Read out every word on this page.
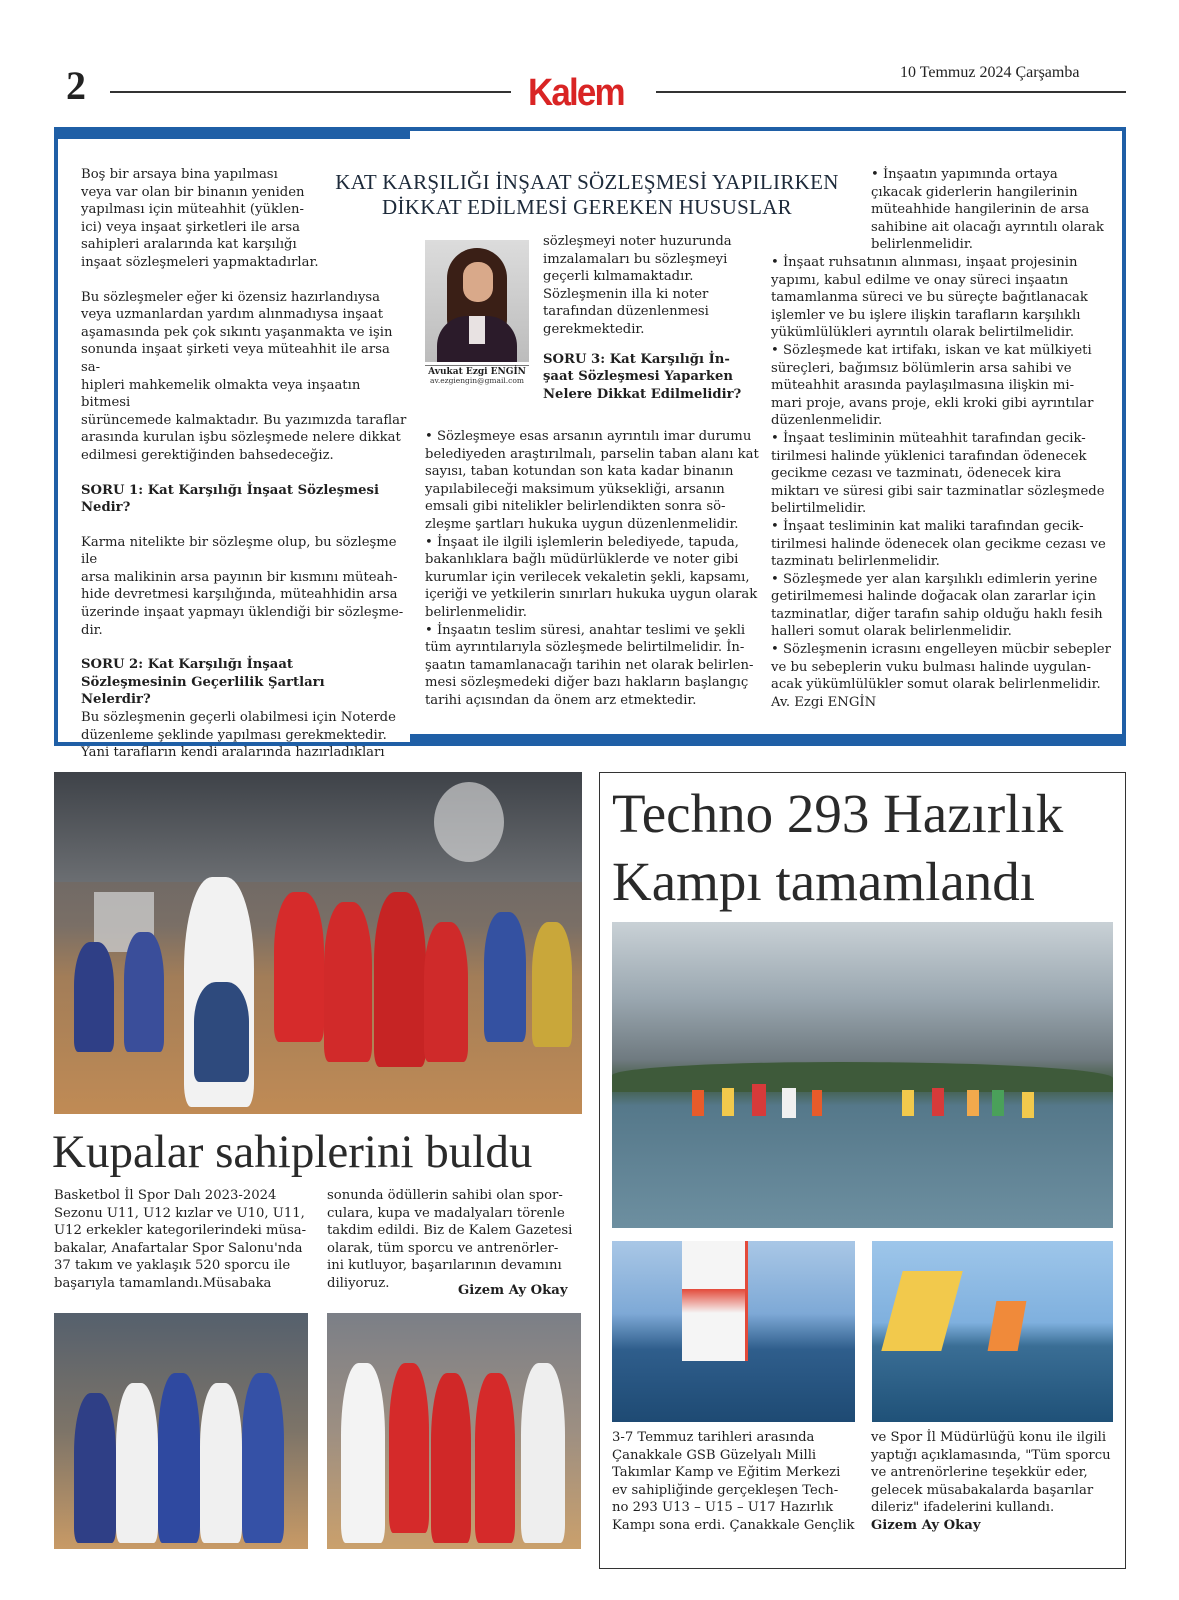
2	Kalem	10 Temmuz 2024 Çarşamba
KAT KARŞILIĞI İNŞAAT SÖZLEŞMESİ YAPILIRKEN
DİKKAT EDİLMESİ GEREKEN HUSUSLAR

Boş bir arsaya bina yapılması
veya var olan bir binanın yeniden
yapılması için müteahhit (yüklen-
ici) veya inşaat şirketleri ile arsa
sahipleri aralarında kat karşılığı
inşaat sözleşmeleri yapmaktadırlar.

Bu sözleşmeler eğer ki özensiz hazırlandıysa
veya uzmanlardan yardım alınmadıysa inşaat
aşamasında pek çok sıkıntı yaşanmakta ve işin
sonunda inşaat şirketi veya müteahhit ile arsa sa-
hipleri mahkemelik olmakta veya inşaatın bitmesi
sürüncemede kalmaktadır. Bu yazımızda taraflar
arasında kurulan işbu sözleşmede nelere dikkat
edilmesi gerektiğinden bahsedeceğiz.

SORU 1: Kat Karşılığı İnşaat Sözleşmesi
Nedir?

Karma nitelikte bir sözleşme olup, bu sözleşme ile
arsa malikinin arsa payının bir kısmını müteah-
hide devretmesi karşılığında, müteahhidin arsa
üzerinde inşaat yapmayı üklendiği bir sözleşme-
dir.

SORU 2: Kat Karşılığı İnşaat
Sözleşmesinin Geçerlilik Şartları
Nelerdir?

Bu sözleşmenin geçerli olabilmesi için Noterde
düzenleme şeklinde yapılması gerekmektedir.
Yani tarafların kendi aralarında hazırladıkları

Avukat Ezgi ENGİN
av.ezgiengin@gmail.com

sözleşmeyi noter huzurunda
imzalamaları bu sözleşmeyi
geçerli kılmamaktadır.
Sözleşmenin illa ki noter
tarafından düzenlenmesi
gerekmektedir.

SORU 3: Kat Karşılığı İn-
şaat Sözleşmesi Yaparken
Nelere Dikkat Edilmelidir?

• Sözleşmeye esas arsanın ayrıntılı imar durumu
belediyeden araştırılmalı, parselin taban alanı kat
sayısı, taban kotundan son kata kadar binanın
yapılabileceği maksimum yüksekliği, arsanın
emsali gibi nitelikler belirlendikten sonra sö-
zleşme şartları hukuka uygun düzenlenmelidir.
• İnşaat ile ilgili işlemlerin belediyede, tapuda,
bakanlıklara bağlı müdürlüklerde ve noter gibi
kurumlar için verilecek vekaletin şekli, kapsamı,
içeriği ve yetkilerin sınırları hukuka uygun olarak
belirlenmelidir.
• İnşaatın teslim süresi, anahtar teslimi ve şekli
tüm ayrıntılarıyla sözleşmede belirtilmelidir. İn-
şaatın tamamlanacağı tarihin net olarak belirlen-
mesi sözleşmedeki diğer bazı hakların başlangıç
tarihi açısından da önem arz etmektedir.

• İnşaatın yapımında ortaya
çıkacak giderlerin hangilerinin
müteahhide hangilerinin de arsa
sahibine ait olacağı ayrıntılı olarak
belirlenmelidir.

• İnşaat ruhsatının alınması, inşaat projesinin
yapımı, kabul edilme ve onay süreci inşaatın
tamamlanma süreci ve bu süreçte bağıtlanacak
işlemler ve bu işlere ilişkin tarafların karşılıklı
yükümlülükleri ayrıntılı olarak belirtilmelidir.
• Sözleşmede kat irtifakı, iskan ve kat mülkiyeti
süreçleri, bağımsız bölümlerin arsa sahibi ve
müteahhit arasında paylaşılmasına ilişkin mi-
mari proje, avans proje, ekli kroki gibi ayrıntılar
düzenlenmelidir.
• İnşaat tesliminin müteahhit tarafından gecik-
tirilmesi halinde yüklenici tarafından ödenecek
gecikme cezası ve tazminatı, ödenecek kira
miktarı ve süresi gibi sair tazminatlar sözleşmede
belirtilmelidir.
• İnşaat tesliminin kat maliki tarafından gecik-
tirilmesi halinde ödenecek olan gecikme cezası ve
tazminatı belirlenmelidir.
• Sözleşmede yer alan karşılıklı edimlerin yerine
getirilmemesi halinde doğacak olan zararlar için
tazminatlar, diğer tarafın sahip olduğu haklı fesih
halleri somut olarak belirlenmelidir.
• Sözleşmenin icrasını engelleyen mücbir sebepler
ve bu sebeplerin vuku bulması halinde uygulan-
acak yükümlülükler somut olarak belirlenmelidir.
Av. Ezgi ENGİN

Kupalar sahiplerini buldu
Basketbol İl Spor Dalı 2023-2024
Sezonu U11, U12 kızlar ve U10, U11,
U12 erkekler kategorilerindeki müsa-
bakalar, Anafartalar Spor Salonu'nda
37 takım ve yaklaşık 520 sporcu ile
başarıyla tamamlandı.Müsabaka
sonunda ödüllerin sahibi olan spor-
culara, kupa ve madalyaları törenle
takdim edildi. Biz de Kalem Gazetesi
olarak, tüm sporcu ve antrenörler-
ini kutluyor, başarılarının devamını
diliyoruz.	Gizem Ay Okay
Techno 293 Hazırlık
Kampı tamamlandı
3-7 Temmuz tarihleri arasında
Çanakkale GSB Güzelyalı Milli
Takımlar Kamp ve Eğitim Merkezi
ev sahipliğinde gerçekleşen Tech-
no 293 U13 – U15 – U17 Hazırlık
Kampı sona erdi. Çanakkale Gençlik
ve Spor İl Müdürlüğü konu ile ilgili
yaptığı açıklamasında, "Tüm sporcu
ve antrenörlerine teşekkür eder,
gelecek müsabakalarda başarılar
dileriz" ifadelerini kullandı.
Gizem Ay Okay
